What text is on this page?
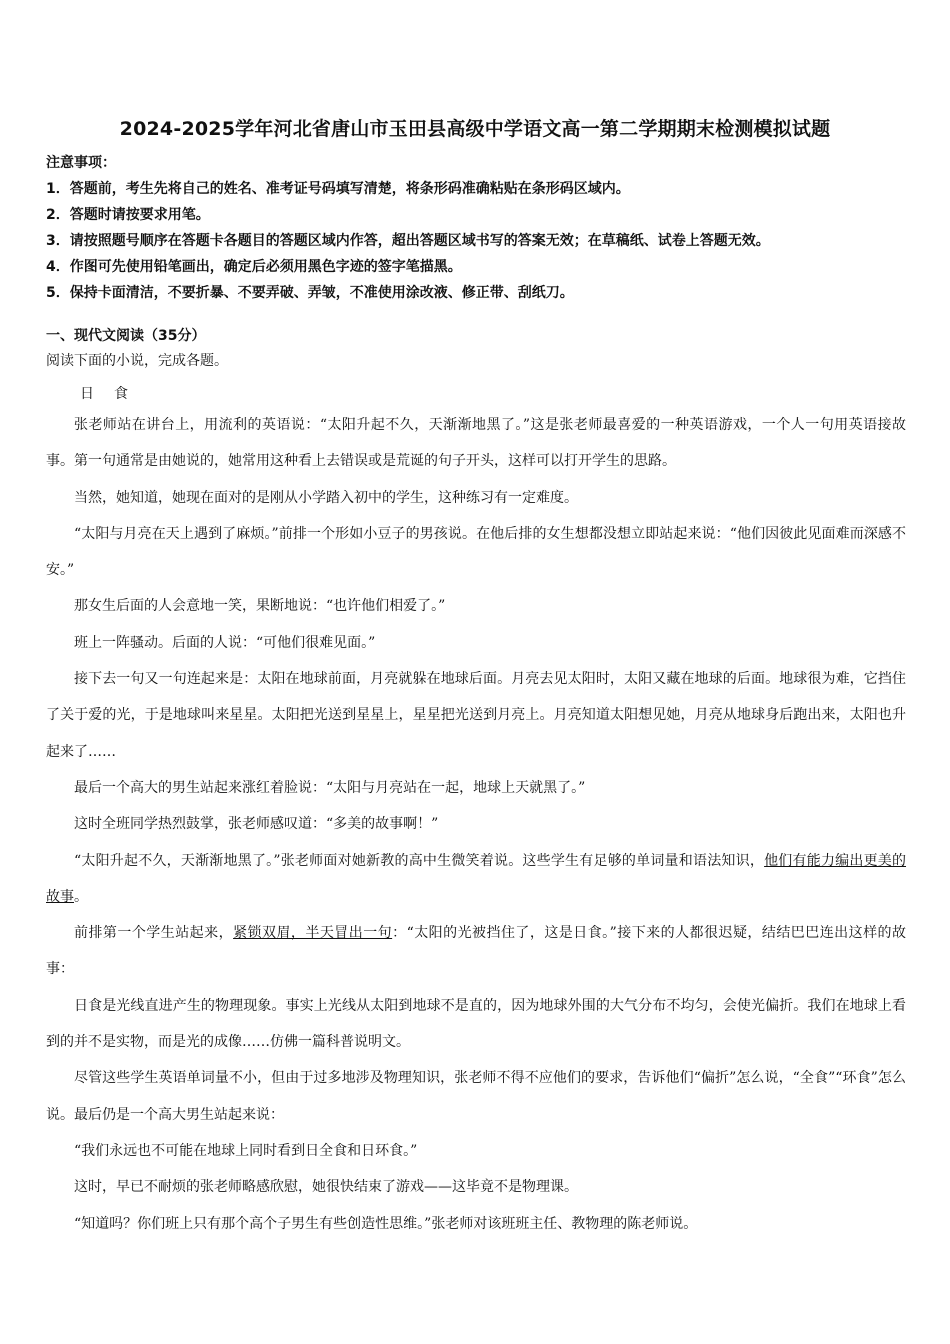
2024-2025学年河北省唐山市玉田县高级中学语文高一第二学期期末检测模拟试题
注意事项：
1．答题前，考生先将自己的姓名、准考证号码填写清楚，将条形码准确粘贴在条形码区域内。
2．答题时请按要求用笔。
3．请按照题号顺序在答题卡各题目的答题区域内作答，超出答题区域书写的答案无效；在草稿纸、试卷上答题无效。
4．作图可先使用铅笔画出，确定后必须用黑色字迹的签字笔描黑。
5．保持卡面清洁，不要折暴、不要弄破、弄皱，不准使用涂改液、修正带、刮纸刀。
一、现代文阅读（35分）
阅读下面的小说，完成各题。
日食

张老师站在讲台上，用流利的英语说：“太阳升起不久，天渐渐地黑了。”这是张老师最喜爱的一种英语游戏，一个人一句用英语接故事。第一句通常是由她说的，她常用这种看上去错误或是荒诞的句子开头，这样可以打开学生的思路。

当然，她知道，她现在面对的是刚从小学踏入初中的学生，这种练习有一定难度。

“太阳与月亮在天上遇到了麻烦。”前排一个形如小豆子的男孩说。在他后排的女生想都没想立即站起来说：“他们因彼此见面难而深感不安。”

那女生后面的人会意地一笑，果断地说：“也许他们相爱了。”

班上一阵骚动。后面的人说：“可他们很难见面。”

接下去一句又一句连起来是：太阳在地球前面，月亮就躲在地球后面。月亮去见太阳时，太阳又藏在地球的后面。地球很为难，它挡住了关于爱的光，于是地球叫来星星。太阳把光送到星星上，星星把光送到月亮上。月亮知道太阳想见她，月亮从地球身后跑出来，太阳也升起来了……

最后一个高大的男生站起来涨红着脸说：“太阳与月亮站在一起，地球上天就黑了。”

这时全班同学热烈鼓掌，张老师感叹道：“多美的故事啊！”

“太阳升起不久，天渐渐地黑了。”张老师面对她新教的高中生微笑着说。这些学生有足够的单词量和语法知识，他们有能力编出更美的故事。

前排第一个学生站起来，紧锁双眉，半天冒出一句：“太阳的光被挡住了，这是日食。”接下来的人都很迟疑，结结巴巴连出这样的故事：

日食是光线直进产生的物理现象。事实上光线从太阳到地球不是直的，因为地球外围的大气分布不均匀，会使光偏折。我们在地球上看到的并不是实物，而是光的成像……仿佛一篇科普说明文。

尽管这些学生英语单词量不小，但由于过多地涉及物理知识，张老师不得不应他们的要求，告诉他们“偏折”怎么说，“全食”“环食”怎么说。最后仍是一个高大男生站起来说：

“我们永远也不可能在地球上同时看到日全食和日环食。”

这时，早已不耐烦的张老师略感欣慰，她很快结束了游戏——这毕竟不是物理课。

“知道吗？你们班上只有那个高个子男生有些创造性思维。”张老师对该班班主任、教物理的陈老师说。
